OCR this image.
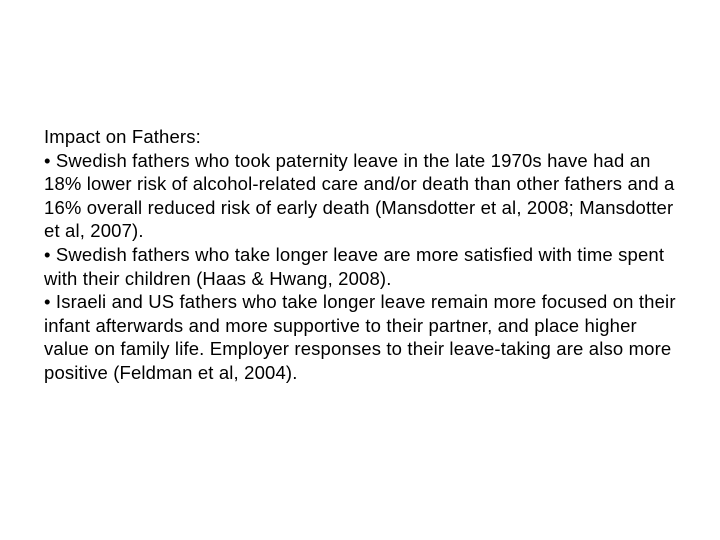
Impact on Fathers:
• Swedish fathers who took paternity leave in the late 1970s have had an 18% lower risk of alcohol-related care and/or death than other fathers and a 16% overall reduced risk of early death (Mansdotter et al, 2008; Mansdotter et al, 2007).
• Swedish fathers who take longer leave are more satisfied with time spent with their children (Haas & Hwang, 2008).
• Israeli and US fathers who take longer leave remain more focused on their infant afterwards and more supportive to their partner, and place higher value on family life. Employer responses to their leave-taking are also more positive (Feldman et al, 2004).
